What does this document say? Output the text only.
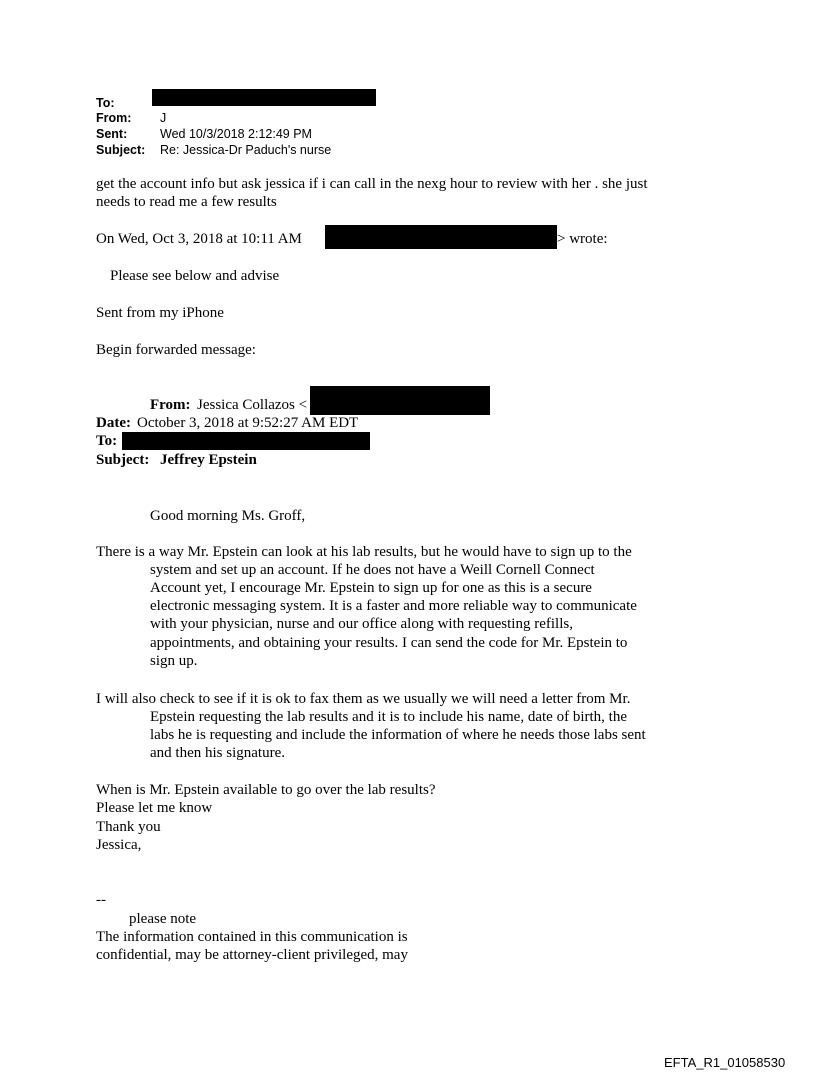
To:
From: J
Sent:	Wed 10/3/2018 2:12:49 PM
Subject: Re: Jessica-Dr Paduch's nurse
get the account info but ask jessica if i can call in the nexg hour to review with her . she just
needs to read me a few results
On Wed, Oct 3, 2018 at 10:11 AM	> wrote:
Please see below and advise
Sent from my iPhone
Begin forwarded message:
From: Jessica Collazos <
Date: October 3, 2018 at 9:52:27 AM EDT
To:
Subject: Jeffrey Epstein
Good morning Ms. Groff,
There is a way Mr. Epstein can look at his lab results, but he would have to sign up to the
system and set up an account. If he does not have a Weill Cornell Connect
Account yet, I encourage Mr. Epstein to sign up for one as this is a secure
electronic messaging system. It is a faster and more reliable way to communicate
with your physician, nurse and our office along with requesting refills,
appointments, and obtaining your results. I can send the code for Mr. Epstein to
sign up.
I will also check to see if it is ok to fax them as we usually we will need a letter from Mr.
Epstein requesting the lab results and it is to include his name, date of birth, the
labs he is requesting and include the information of where he needs those labs sent
and then his signature.
When is Mr. Epstein available to go over the lab results?
Please let me know
Thank you
Jessica,
--
please note
The information contained in this communication is
confidential, may be attorney-client privileged, may
EFTA_R1_01058530
